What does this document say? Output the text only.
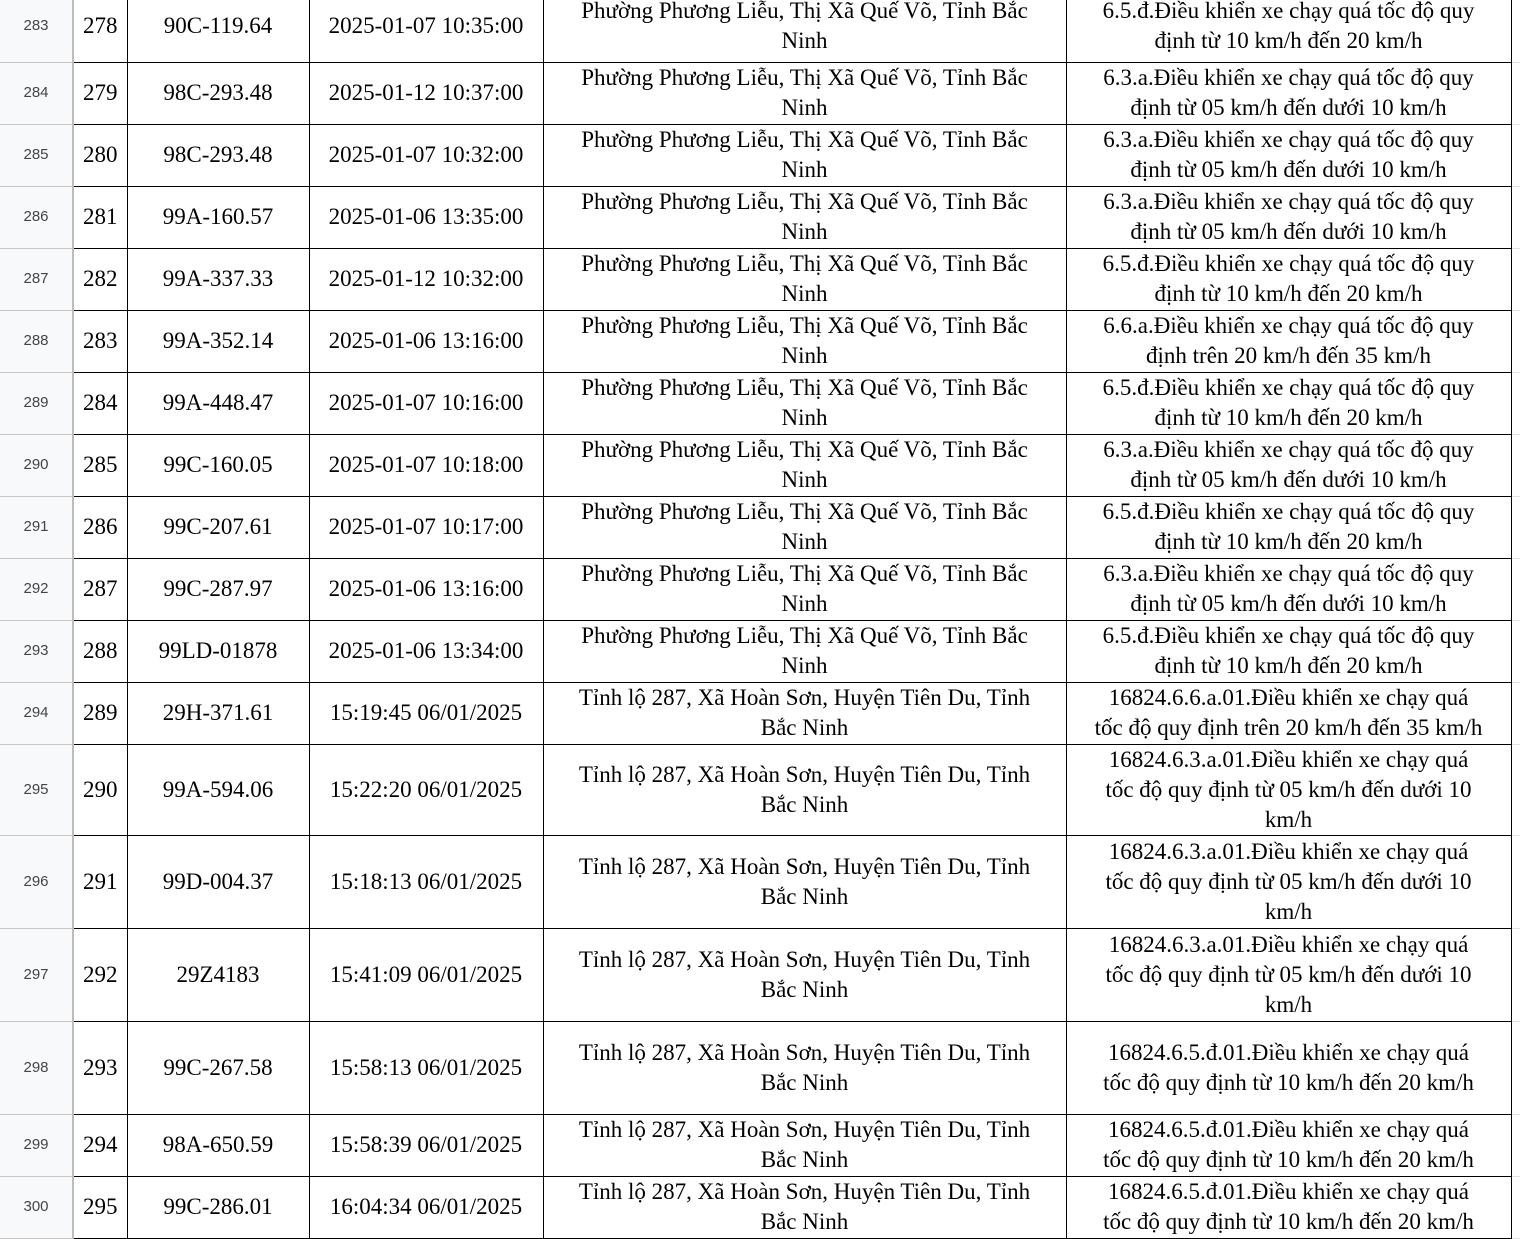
283	278	90C-119.64	2025-01-07 10:35:00	Phường Phương Liễu, Thị Xã Quế Võ, Tỉnh Bắc
Ninh	6.5.đ.Điều khiển xe chạy quá tốc độ quy
định từ 10 km/h đến 20 km/h	

284	279	98C-293.48	2025-01-12 10:37:00	Phường Phương Liễu, Thị Xã Quế Võ, Tỉnh Bắc
Ninh	6.3.a.Điều khiển xe chạy quá tốc độ quy
định từ 05 km/h đến dưới 10 km/h	

285	280	98C-293.48	2025-01-07 10:32:00	Phường Phương Liễu, Thị Xã Quế Võ, Tỉnh Bắc
Ninh	6.3.a.Điều khiển xe chạy quá tốc độ quy
định từ 05 km/h đến dưới 10 km/h	

286	281	99A-160.57	2025-01-06 13:35:00	Phường Phương Liễu, Thị Xã Quế Võ, Tỉnh Bắc
Ninh	6.3.a.Điều khiển xe chạy quá tốc độ quy
định từ 05 km/h đến dưới 10 km/h	

287	282	99A-337.33	2025-01-12 10:32:00	Phường Phương Liễu, Thị Xã Quế Võ, Tỉnh Bắc
Ninh	6.5.đ.Điều khiển xe chạy quá tốc độ quy
định từ 10 km/h đến 20 km/h	

288	283	99A-352.14	2025-01-06 13:16:00	Phường Phương Liễu, Thị Xã Quế Võ, Tỉnh Bắc
Ninh	6.6.a.Điều khiển xe chạy quá tốc độ quy
định trên 20 km/h đến 35 km/h	

289	284	99A-448.47	2025-01-07 10:16:00	Phường Phương Liễu, Thị Xã Quế Võ, Tỉnh Bắc
Ninh	6.5.đ.Điều khiển xe chạy quá tốc độ quy
định từ 10 km/h đến 20 km/h	

290	285	99C-160.05	2025-01-07 10:18:00	Phường Phương Liễu, Thị Xã Quế Võ, Tỉnh Bắc
Ninh	6.3.a.Điều khiển xe chạy quá tốc độ quy
định từ 05 km/h đến dưới 10 km/h	

291	286	99C-207.61	2025-01-07 10:17:00	Phường Phương Liễu, Thị Xã Quế Võ, Tỉnh Bắc
Ninh	6.5.đ.Điều khiển xe chạy quá tốc độ quy
định từ 10 km/h đến 20 km/h	

292	287	99C-287.97	2025-01-06 13:16:00	Phường Phương Liễu, Thị Xã Quế Võ, Tỉnh Bắc
Ninh	6.3.a.Điều khiển xe chạy quá tốc độ quy
định từ 05 km/h đến dưới 10 km/h	

293	288	99LD-01878	2025-01-06 13:34:00	Phường Phương Liễu, Thị Xã Quế Võ, Tỉnh Bắc
Ninh	6.5.đ.Điều khiển xe chạy quá tốc độ quy
định từ 10 km/h đến 20 km/h	

294	289	29H-371.61	15:19:45 06/01/2025	Tỉnh lộ 287, Xã Hoàn Sơn, Huyện Tiên Du, Tỉnh
Bắc Ninh	16824.6.6.a.01.Điều khiển xe chạy quá
tốc độ quy định trên 20 km/h đến 35 km/h	

295	290	99A-594.06	15:22:20 06/01/2025	Tỉnh lộ 287, Xã Hoàn Sơn, Huyện Tiên Du, Tỉnh
Bắc Ninh	16824.6.3.a.01.Điều khiển xe chạy quá
tốc độ quy định từ 05 km/h đến dưới 10
km/h	

296	291	99D-004.37	15:18:13 06/01/2025	Tỉnh lộ 287, Xã Hoàn Sơn, Huyện Tiên Du, Tỉnh
Bắc Ninh	16824.6.3.a.01.Điều khiển xe chạy quá
tốc độ quy định từ 05 km/h đến dưới 10
km/h	

297	292	29Z4183	15:41:09 06/01/2025	Tỉnh lộ 287, Xã Hoàn Sơn, Huyện Tiên Du, Tỉnh
Bắc Ninh	16824.6.3.a.01.Điều khiển xe chạy quá
tốc độ quy định từ 05 km/h đến dưới 10
km/h	

298	293	99C-267.58	15:58:13 06/01/2025	Tỉnh lộ 287, Xã Hoàn Sơn, Huyện Tiên Du, Tỉnh
Bắc Ninh	16824.6.5.đ.01.Điều khiển xe chạy quá
tốc độ quy định từ 10 km/h đến 20 km/h	

299	294	98A-650.59	15:58:39 06/01/2025	Tỉnh lộ 287, Xã Hoàn Sơn, Huyện Tiên Du, Tỉnh
Bắc Ninh	16824.6.5.đ.01.Điều khiển xe chạy quá
tốc độ quy định từ 10 km/h đến 20 km/h	

300	295	99C-286.01	16:04:34 06/01/2025	Tỉnh lộ 287, Xã Hoàn Sơn, Huyện Tiên Du, Tỉnh
Bắc Ninh	16824.6.5.đ.01.Điều khiển xe chạy quá
tốc độ quy định từ 10 km/h đến 20 km/h	
